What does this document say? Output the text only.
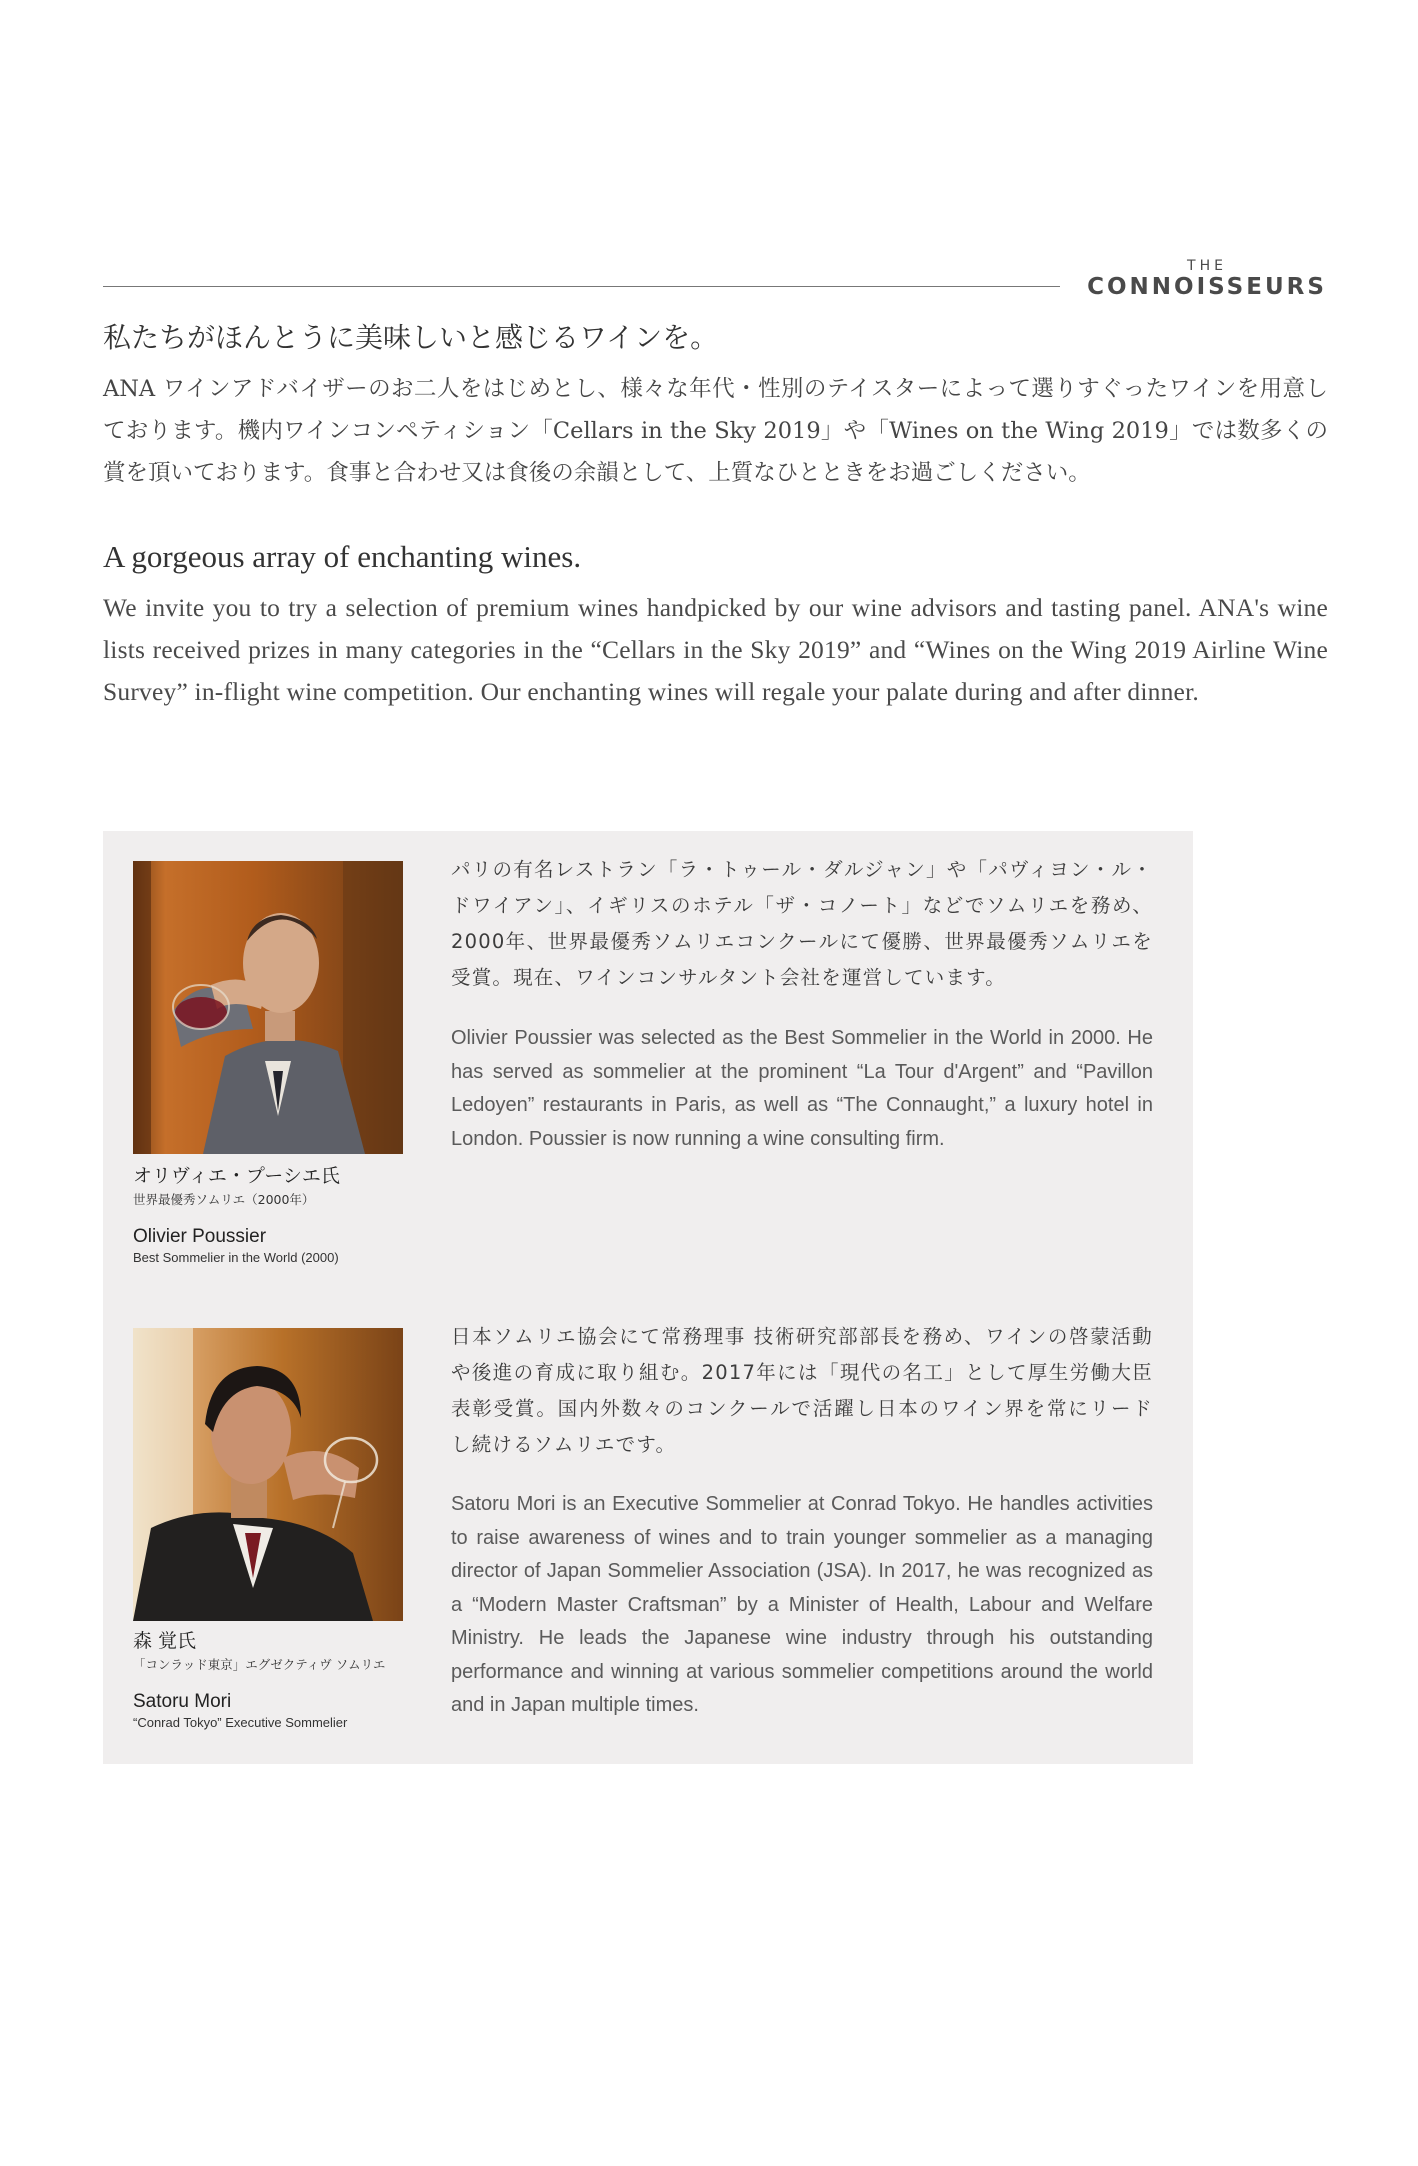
THE
CONNOISSEURS
私たちがほんとうに美味しいと感じるワインを。
ANA ワインアドバイザーのお二人をはじめとし、様々な年代・性別のテイスターによって選りすぐったワインを用意しております。機内ワインコンペティション「Cellars in the Sky 2019」や「Wines on the Wing 2019」では数多くの賞を頂いております。食事と合わせ又は食後の余韻として、上質なひとときをお過ごしください。
A gorgeous array of enchanting wines.
We invite you to try a selection of premium wines handpicked by our wine advisors and tasting panel. ANA's wine lists received prizes in many categories in the “Cellars in the Sky 2019” and “Wines on the Wing 2019 Airline Wine Survey” in-flight wine competition. Our enchanting wines will regale your palate during and after dinner.
オリヴィエ・プーシエ氏
世界最優秀ソムリエ（2000年）
Olivier Poussier
Best Sommelier in the World (2000)
パリの有名レストラン「ラ・トゥール・ダルジャン」や「パヴィヨン・ル・ドワイアン」、イギリスのホテル「ザ・コノート」などでソムリエを務め、2000年、世界最優秀ソムリエコンクールにて優勝、世界最優秀ソムリエを受賞。現在、ワインコンサルタント会社を運営しています。
Olivier Poussier was selected as the Best Sommelier in the World in 2000. He has served as sommelier at the prominent “La Tour d'Argent” and “Pavillon Ledoyen” restaurants in Paris, as well as “The Connaught,” a luxury hotel in London. Poussier is now running a wine consulting firm.
森 覚氏
「コンラッド東京」エグゼクティヴ ソムリエ
Satoru Mori
“Conrad Tokyo” Executive Sommelier
日本ソムリエ協会にて常務理事 技術研究部部長を務め、ワインの啓蒙活動や後進の育成に取り組む。2017年には「現代の名工」として厚生労働大臣表彰受賞。国内外数々のコンクールで活躍し日本のワイン界を常にリードし続けるソムリエです。
Satoru Mori is an Executive Sommelier at Conrad Tokyo. He handles activities to raise awareness of wines and to train younger sommelier as a managing director of Japan Sommelier Association (JSA). In 2017, he was recognized as a “Modern Master Craftsman” by a Minister of Health, Labour and Welfare Ministry. He leads the Japanese wine industry through his outstanding performance and winning at various sommelier competitions around the world and in Japan multiple times.
